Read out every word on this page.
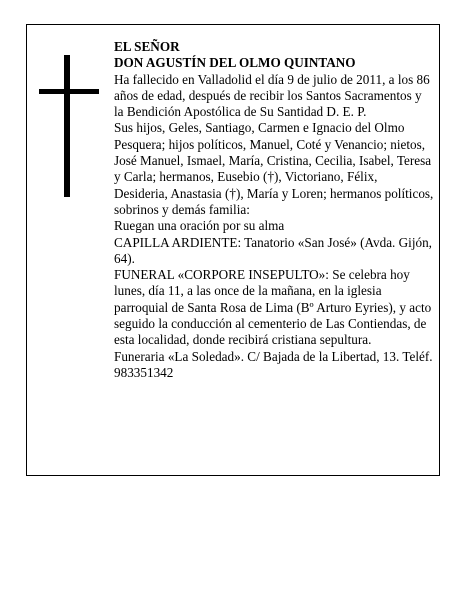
EL SEÑOR

DON AGUSTÍN DEL OLMO QUINTANO

Ha fallecido en Valladolid el día 9 de julio de 2011, a los 86 años de edad, después de recibir los Santos Sacramentos y la Bendición Apostólica de Su Santidad D. E. P.

Sus hijos, Geles, Santiago, Carmen e Ignacio del Olmo Pesquera; hijos políticos, Manuel, Coté y Venancio; nietos, José Manuel, Ismael, María, Cristina, Cecilia, Isabel, Teresa y Carla; hermanos, Eusebio (†), Victoriano, Félix, Desideria, Anastasia (†), María y Loren; hermanos políticos, sobrinos y demás familia:

Ruegan una oración por su alma

CAPILLA ARDIENTE: Tanatorio «San José» (Avda. Gijón, 64).

FUNERAL «CORPORE INSEPULTO»: Se celebra hoy lunes, día 11, a las once de la mañana, en la iglesia parroquial de Santa Rosa de Lima (Bº Arturo Eyries), y acto seguido la conducción al cementerio de Las Contiendas, de esta localidad, donde recibirá cristiana sepultura.

Funeraria «La Soledad». C/ Bajada de la Libertad, 13. Teléf. 983351342
